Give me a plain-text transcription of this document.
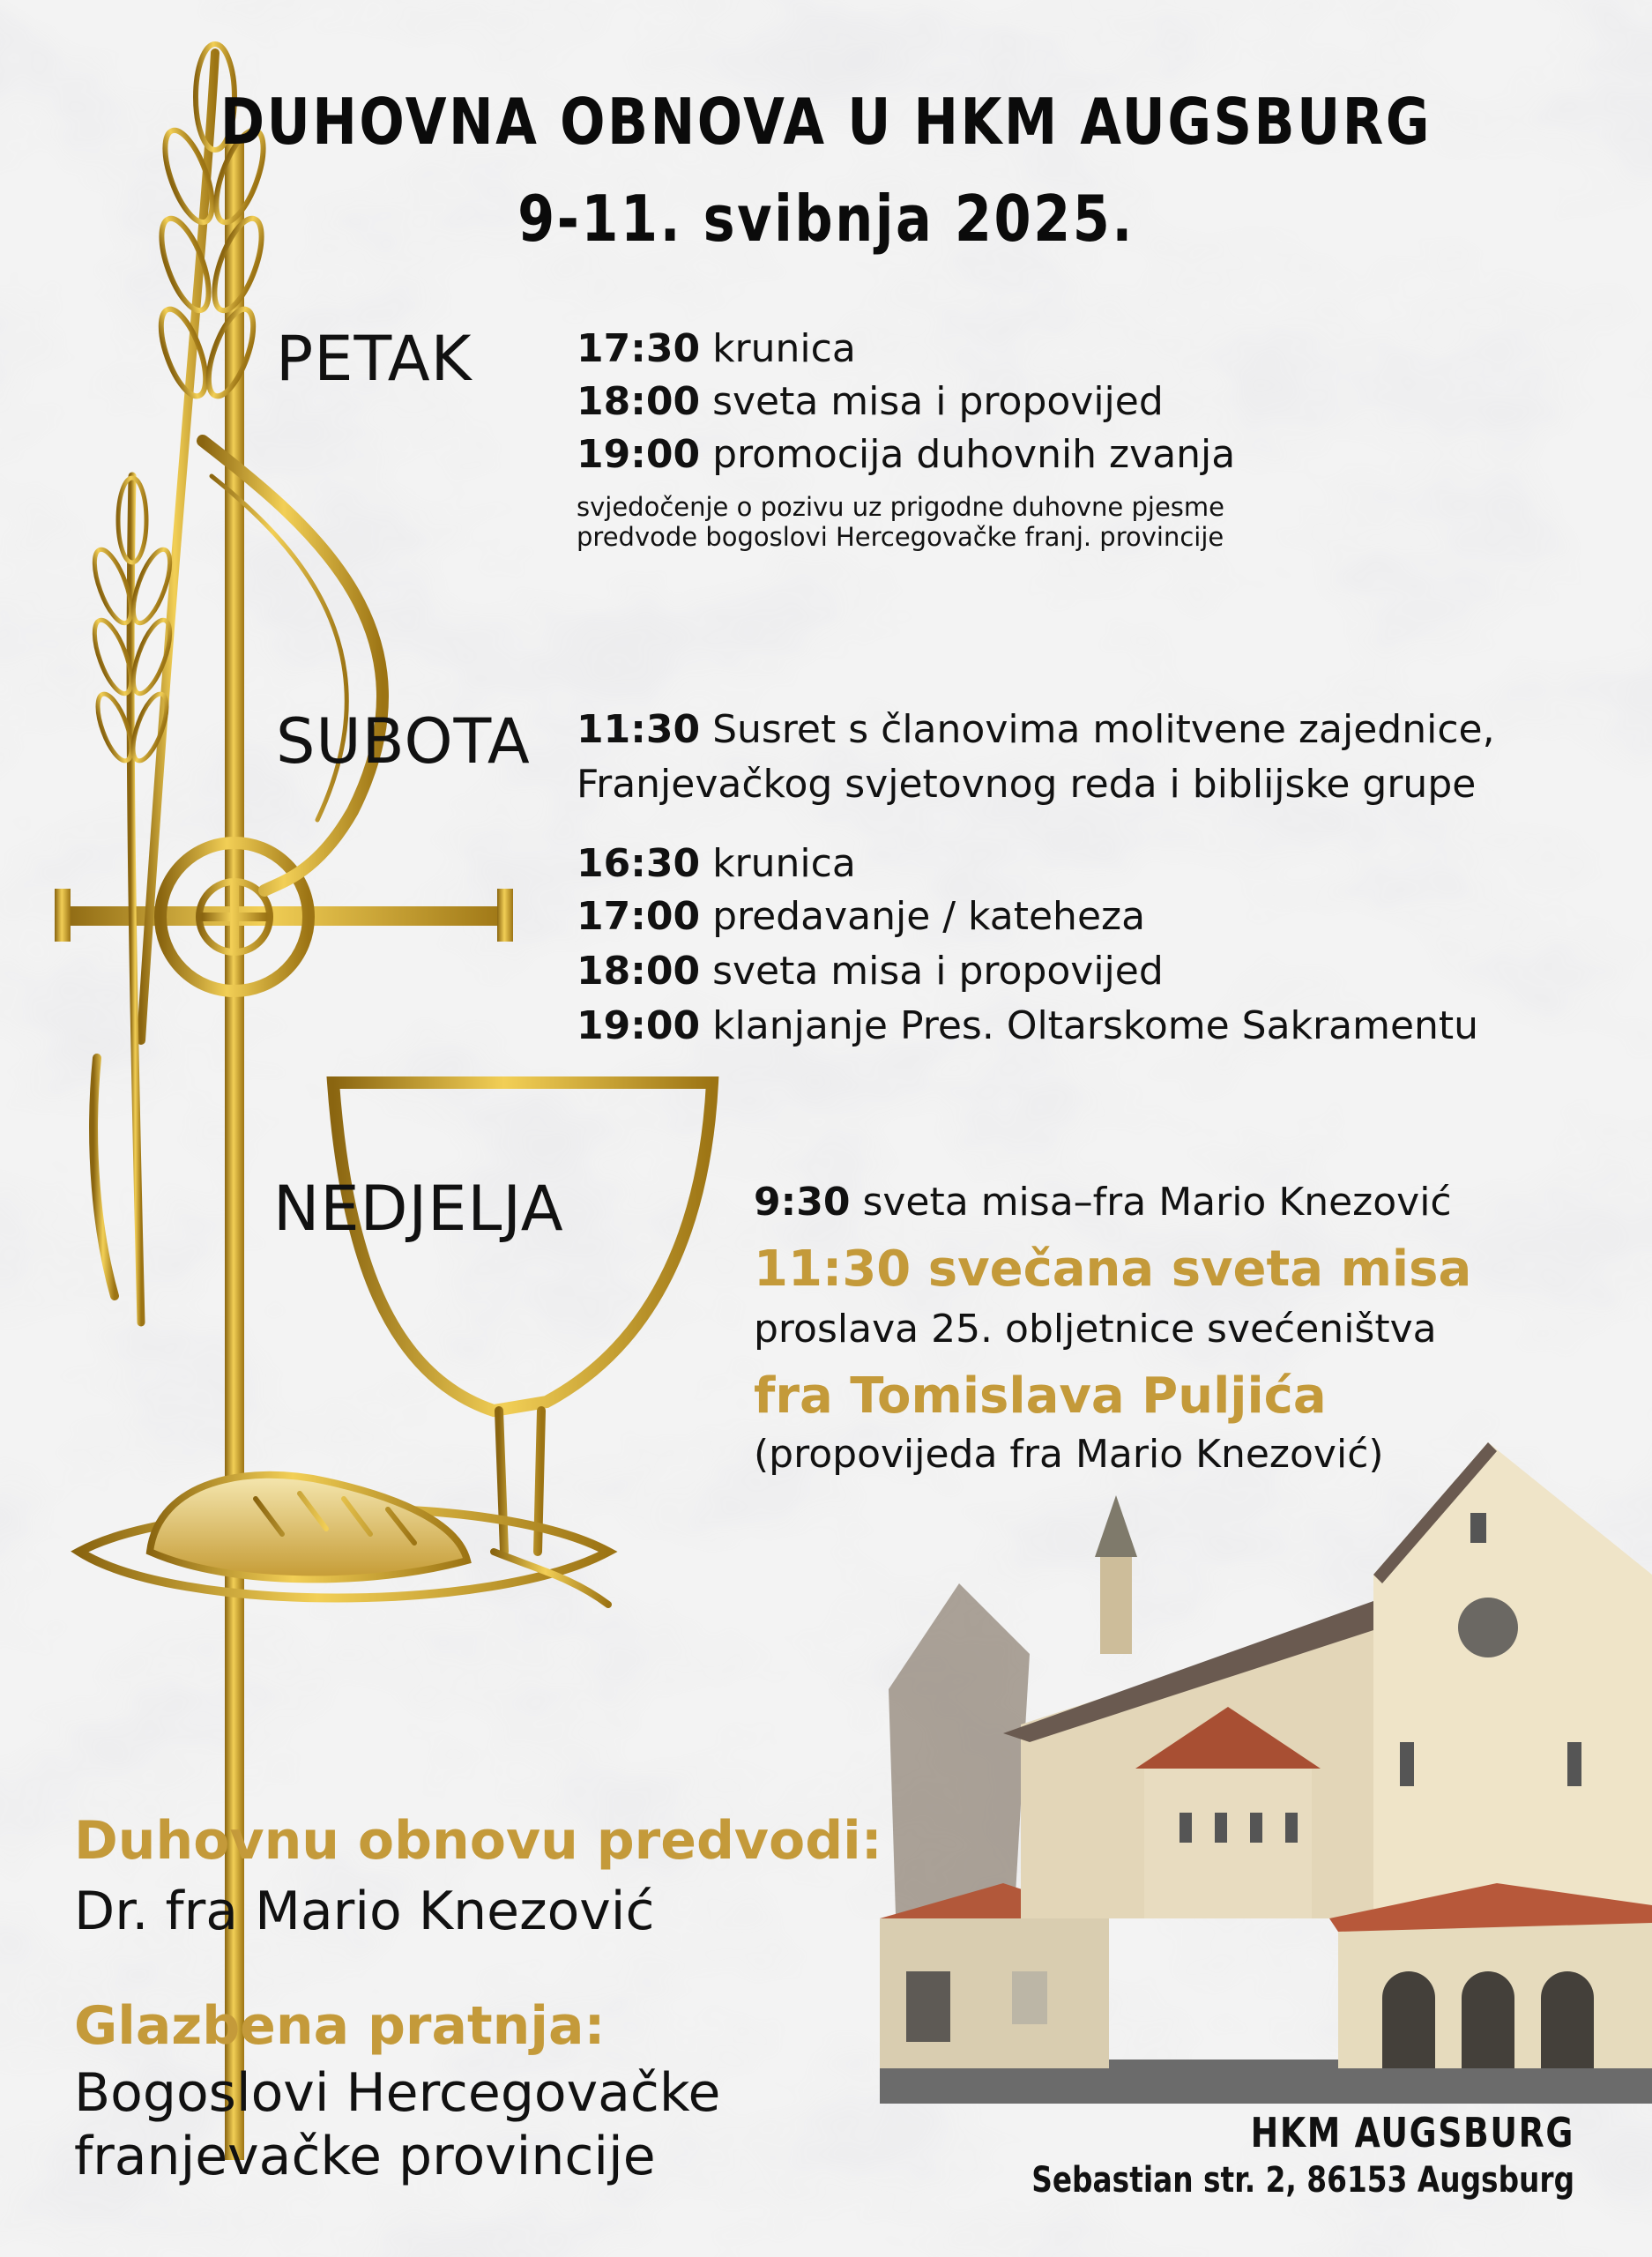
DUHOVNA OBNOVA U HKM AUGSBURG
9-11. svibnja 2025.
PETAK	17:30 krunica
18:00 sveta misa i propovijed
19:00 promocija duhovnih zvanja
svjedočenje o pozivu uz prigodne duhovne pjesme
predvode bogoslovi Hercegovačke franj. provincije
SUBOTA 11:30 Susret s članovima molitvene zajednice,
Franjevačkog svjetovnog reda i biblijske grupe
16:30 krunica
17:00 predavanje / kateheza
18:00 sveta misa i propovijed
19:00 klanjanje Pres. Oltarskome Sakramentu
NEDJELJA	9:30 sveta misa–fra Mario Knezović
11:30 svečana sveta misa
proslava 25. obljetnice svećeništva
fra Tomislava Puljića
(propovijeda fra Mario Knezović)
Duhovnu obnovu predvodi:
Dr. fra Mario Knezović
Glazbena pratnja:
Bogoslovi Hercegovačke
franjevačke provincije	HKM AUGSBURG
Sebastian str. 2, 86153 Augsburg
